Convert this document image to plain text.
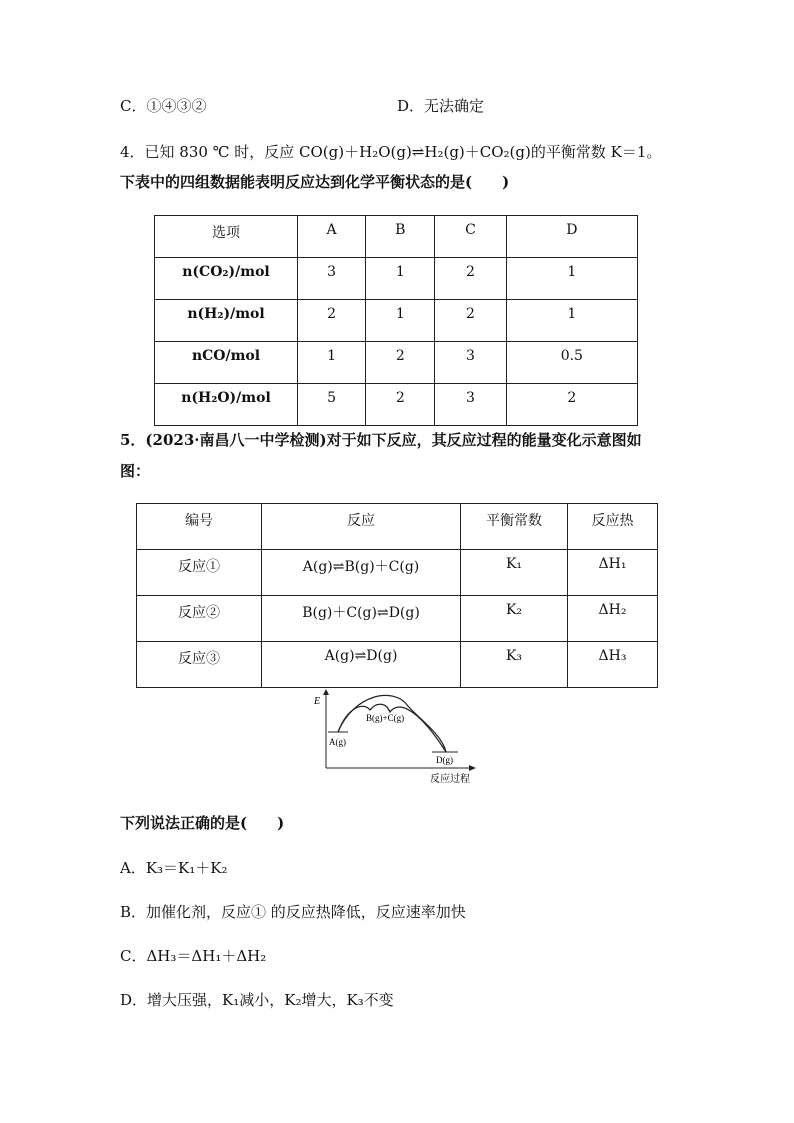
C．①④③②	D．无法确定
4．已知 830 ℃ 时，反应 CO(g)＋H₂O(g)⇌H₂(g)＋CO₂(g)的平衡常数 K＝1。
下表中的四组数据能表明反应达到化学平衡状态的是(　　)
选项	A	B	C	D
n(CO₂)/mol	3	1	2	1
n(H₂)/mol	2	1	2	1
nCO/mol	1	2	3	0.5
n(H₂O)/mol	5	2	3	2
5．(2023·南昌八一中学检测)对于如下反应，其反应过程的能量变化示意图如
图：
编号	反应	平衡常数	反应热
反应①	A(g)⇌B(g)＋C(g)	K₁	ΔH₁
反应②	B(g)＋C(g)⇌D(g)	K₂	ΔH₂
反应③	A(g)⇌D(g)	K₃	ΔH₃
E
反应过程
A(g)
B(g)+C(g)
D(g)
下列说法正确的是(　　)
A．K₃＝K₁＋K₂
B．加催化剂，反应① 的反应热降低，反应速率加快
C．ΔH₃＝ΔH₁＋ΔH₂
D．增大压强，K₁减小，K₂增大，K₃不变
